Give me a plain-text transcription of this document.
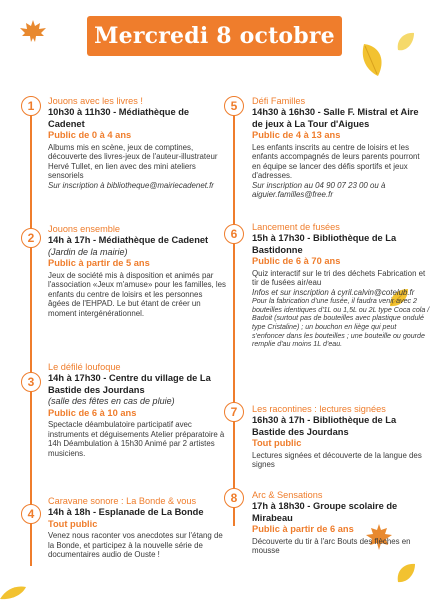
Mercredi 8 octobre
1
2
3
4
5
6
7
8
Jouons avec les livres !
10h30 à 11h30 - Médiathèque de Cadenet
Public de 0 à 4 ans
Albums mis en scène, jeux de comptines, découverte des livres-jeux de l'auteur-illustrateur Hervé Tullet, en lien avec des mini ateliers sensoriels
Sur inscription à bibliotheque@mairiecadenet.fr
Jouons ensemble
14h à 17h - Médiathèque de Cadenet
(Jardin de la mairie)
Public à partir de 5 ans
Jeux de société mis à disposition et animés par l'association «Jeux m'amuse» pour les familles, les enfants du centre de loisirs et les personnes âgées de l'EHPAD. Le but étant de créer un moment intergénérationnel.
Le défilé loufoque
14h à 17h30 - Centre du village de La Bastide des Jourdans
(salle des fêtes en cas de pluie)
Public de 6 à 10 ans
Spectacle déambulatoire participatif avec instruments et déguisements Atelier préparatoire à 14h Déambulation à 15h30 Animé par 2 artistes musiciens.
Caravane sonore : La Bonde & vous
14h à 18h - Esplanade de La Bonde
Tout public
Venez nous raconter vos anecdotes sur l'étang de la Bonde, et participez à la nouvelle série de documentaires audio de Ouste !
Défi Familles
14h30 à 16h30 - Salle F. Mistral et Aire de jeux à La Tour d'Aigues
Public de 4 à 13 ans
Les enfants inscrits au centre de loisirs et les enfants accompagnés de leurs parents pourront en équipe se lancer des défis sportifs et jeux d'adresses.
Sur inscription au 04 90 07 23 00 ou à aiguier.familles@free.fr
Lancement de fusées
15h à 17h30 - Bibliothèque de La Bastidonne
Public de 6 à 70 ans
Quiz interactif sur le tri des déchets Fabrication et tir de fusées air/eau
Infos et sur inscription à cyril.calvin@cotelub.fr
Pour la fabrication d'une fusée, il faudra venir avec 2 bouteilles identiques d'1L ou 1,5L ou 2L type Coca cola / Badoit (surtout pas de bouteilles avec plastique ondulé type Cristaline) ; un bouchon en liège qui peut s'enfoncer dans les bouteilles ; une bouteille ou gourde remplie d'au moins 1L d'eau.
Les racontines : lectures signées
16h30 à 17h - Bibliothèque de La Bastide des Jourdans
Tout public
Lectures signées et découverte de la langue des signes
Arc & Sensations
17h à 18h30 - Groupe scolaire de Mirabeau
Public à partir de 6 ans
Découverte du tir à l'arc Bouts des flèches en mousse
